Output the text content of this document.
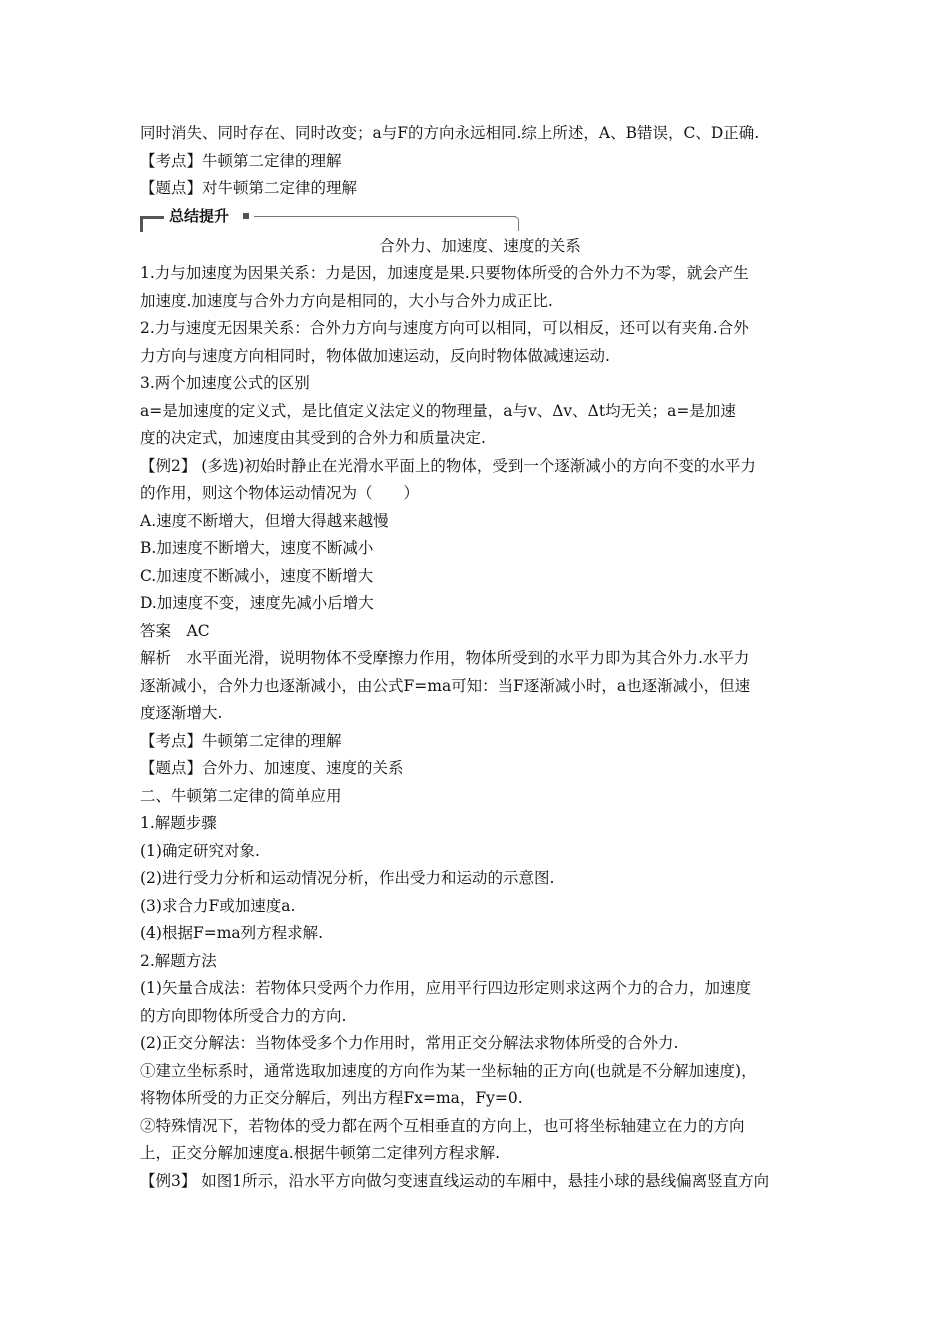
同时消失、同时存在、同时改变；a与F的方向永远相同.综上所述，A、B错误，C、D正确.
【考点】牛顿第二定律的理解
【题点】对牛顿第二定律的理解
总结提升
合外力、加速度、速度的关系
1.力与加速度为因果关系：力是因，加速度是果.只要物体所受的合外力不为零，就会产生
加速度.加速度与合外力方向是相同的，大小与合外力成正比.
2.力与速度无因果关系：合外力方向与速度方向可以相同，可以相反，还可以有夹角.合外
力方向与速度方向相同时，物体做加速运动，反向时物体做减速运动.
3.两个加速度公式的区别
a=是加速度的定义式，是比值定义法定义的物理量，a与v、Δv、Δt均无关；a=是加速
度的决定式，加速度由其受到的合外力和质量决定.
【例2】 (多选)初始时静止在光滑水平面上的物体，受到一个逐渐减小的方向不变的水平力
的作用，则这个物体运动情况为（　　）
A.速度不断增大，但增大得越来越慢
B.加速度不断增大，速度不断减小
C.加速度不断减小，速度不断增大
D.加速度不变，速度先减小后增大
答案　AC
解析　水平面光滑，说明物体不受摩擦力作用，物体所受到的水平力即为其合外力.水平力
逐渐减小，合外力也逐渐减小，由公式F=ma可知：当F逐渐减小时，a也逐渐减小，但速
度逐渐增大.
【考点】牛顿第二定律的理解
【题点】合外力、加速度、速度的关系
二、牛顿第二定律的简单应用
1.解题步骤
(1)确定研究对象.
(2)进行受力分析和运动情况分析，作出受力和运动的示意图.
(3)求合力F或加速度a.
(4)根据F=ma列方程求解.
2.解题方法
(1)矢量合成法：若物体只受两个力作用，应用平行四边形定则求这两个力的合力，加速度
的方向即物体所受合力的方向.
(2)正交分解法：当物体受多个力作用时，常用正交分解法求物体所受的合外力.
①建立坐标系时，通常选取加速度的方向作为某一坐标轴的正方向(也就是不分解加速度)，
将物体所受的力正交分解后，列出方程Fx=ma，Fy=0.
②特殊情况下，若物体的受力都在两个互相垂直的方向上，也可将坐标轴建立在力的方向
上，正交分解加速度a.根据牛顿第二定律列方程求解.
【例3】 如图1所示，沿水平方向做匀变速直线运动的车厢中，悬挂小球的悬线偏离竖直方向
